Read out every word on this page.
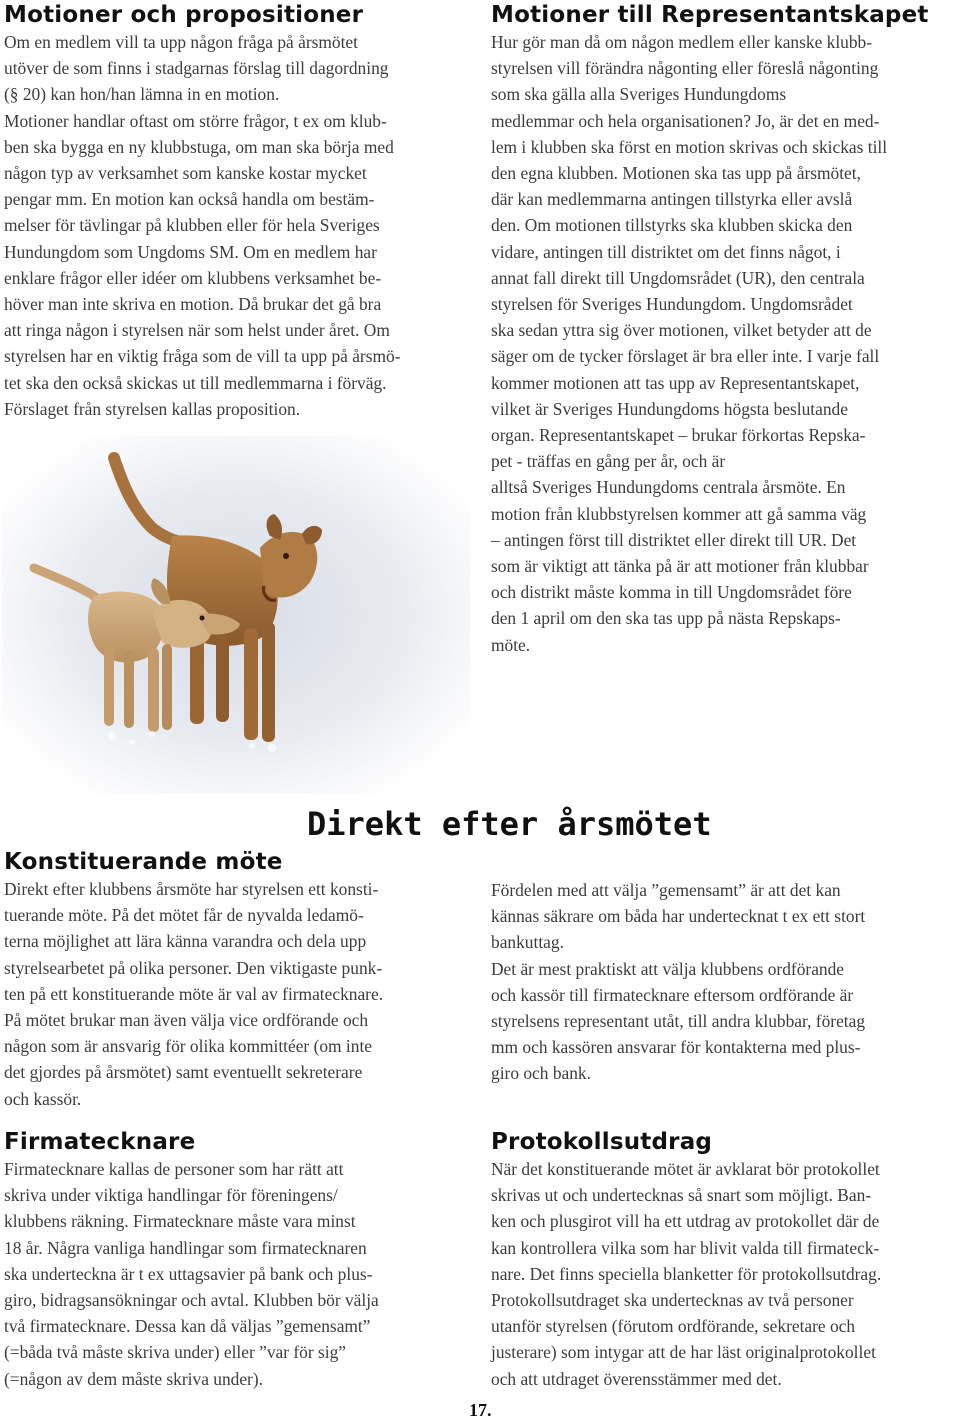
Motioner och propositioner

Om en medlem vill ta upp någon fråga på årsmötet
utöver de som finns i stadgarnas förslag till dagordning
(§ 20) kan hon/han lämna in en motion.
Motioner handlar oftast om större frågor, t ex om klub-
ben ska bygga en ny klubbstuga, om man ska börja med
någon typ av verksamhet som kanske kostar mycket
pengar mm. En motion kan också handla om bestäm-
melser för tävlingar på klubben eller för hela Sveriges
Hundungdom som Ungdoms SM. Om en medlem har
enklare frågor eller idéer om klubbens verksamhet be-
höver man inte skriva en motion. Då brukar det gå bra
att ringa någon i styrelsen när som helst under året. Om
styrelsen har en viktig fråga som de vill ta upp på årsmö-
tet ska den också skickas ut till medlemmarna i förväg.
Förslaget från styrelsen kallas proposition.

Motioner till Representantskapet

Hur gör man då om någon medlem eller kanske klubb-
styrelsen vill förändra någonting eller föreslå någonting
som ska gälla alla Sveriges Hundungdoms
medlemmar och hela organisationen? Jo, är det en med-
lem i klubben ska först en motion skrivas och skickas till
den egna klubben. Motionen ska tas upp på årsmötet,
där kan medlemmarna antingen tillstyrka eller avslå
den. Om motionen tillstyrks ska klubben skicka den
vidare, antingen till distriktet om det finns något, i
annat fall direkt till Ungdomsrådet (UR), den centrala
styrelsen för Sveriges Hundungdom. Ungdomsrådet
ska sedan yttra sig över motionen, vilket betyder att de
säger om de tycker förslaget är bra eller inte. I varje fall
kommer motionen att tas upp av Representantskapet,
vilket är Sveriges Hundungdoms högsta beslutande
organ. Representantskapet – brukar förkortas Repska-
pet - träffas en gång per år, och är
alltså Sveriges Hundungdoms centrala årsmöte. En
motion från klubbstyrelsen kommer att gå samma väg
– antingen först till distriktet eller direkt till UR. Det
som är viktigt att tänka på är att motioner från klubbar
och distrikt måste komma in till Ungdomsrådet före
den 1 april om den ska tas upp på nästa Repskaps-
möte.

Direkt efter årsmötet
Konstituerande möte

Direkt efter klubbens årsmöte har styrelsen ett konsti-
tuerande möte. På det mötet får de nyvalda ledamö-
terna möjlighet att lära känna varandra och dela upp
styrelsearbetet på olika personer. Den viktigaste punk-
ten på ett konstituerande möte är val av firmatecknare.
På mötet brukar man även välja vice ordförande och
någon som är ansvarig för olika kommittéer (om inte
det gjordes på årsmötet) samt eventuellt sekreterare
och kassör.

Firmatecknare

Firmatecknare kallas de personer som har rätt att
skriva under viktiga handlingar för föreningens/
klubbens räkning. Firmatecknare måste vara minst
18 år. Några vanliga handlingar som firmatecknaren
ska underteckna är t ex uttagsavier på bank och plus-
giro, bidragsansökningar och avtal. Klubben bör välja
två firmatecknare. Dessa kan då väljas ”gemensamt”
(=båda två måste skriva under) eller ”var för sig”
(=någon av dem måste skriva under).

Fördelen med att välja ”gemensamt” är att det kan
kännas säkrare om båda har undertecknat t ex ett stort
bankuttag.
Det är mest praktiskt att välja klubbens ordförande
och kassör till firmatecknare eftersom ordförande är
styrelsens representant utåt, till andra klubbar, företag
mm och kassören ansvarar för kontakterna med plus-
giro och bank.

Protokollsutdrag

När det konstituerande mötet är avklarat bör protokollet
skrivas ut och undertecknas så snart som möjligt. Ban-
ken och plusgirot vill ha ett utdrag av protokollet där de
kan kontrollera vilka som har blivit valda till firmateck-
nare. Det finns speciella blanketter för protokollsutdrag.
Protokollsutdraget ska undertecknas av två personer
utanför styrelsen (förutom ordförande, sekretare och
justerare) som intygar att de har läst originalprotokollet
och att utdraget överensstämmer med det.

17.
